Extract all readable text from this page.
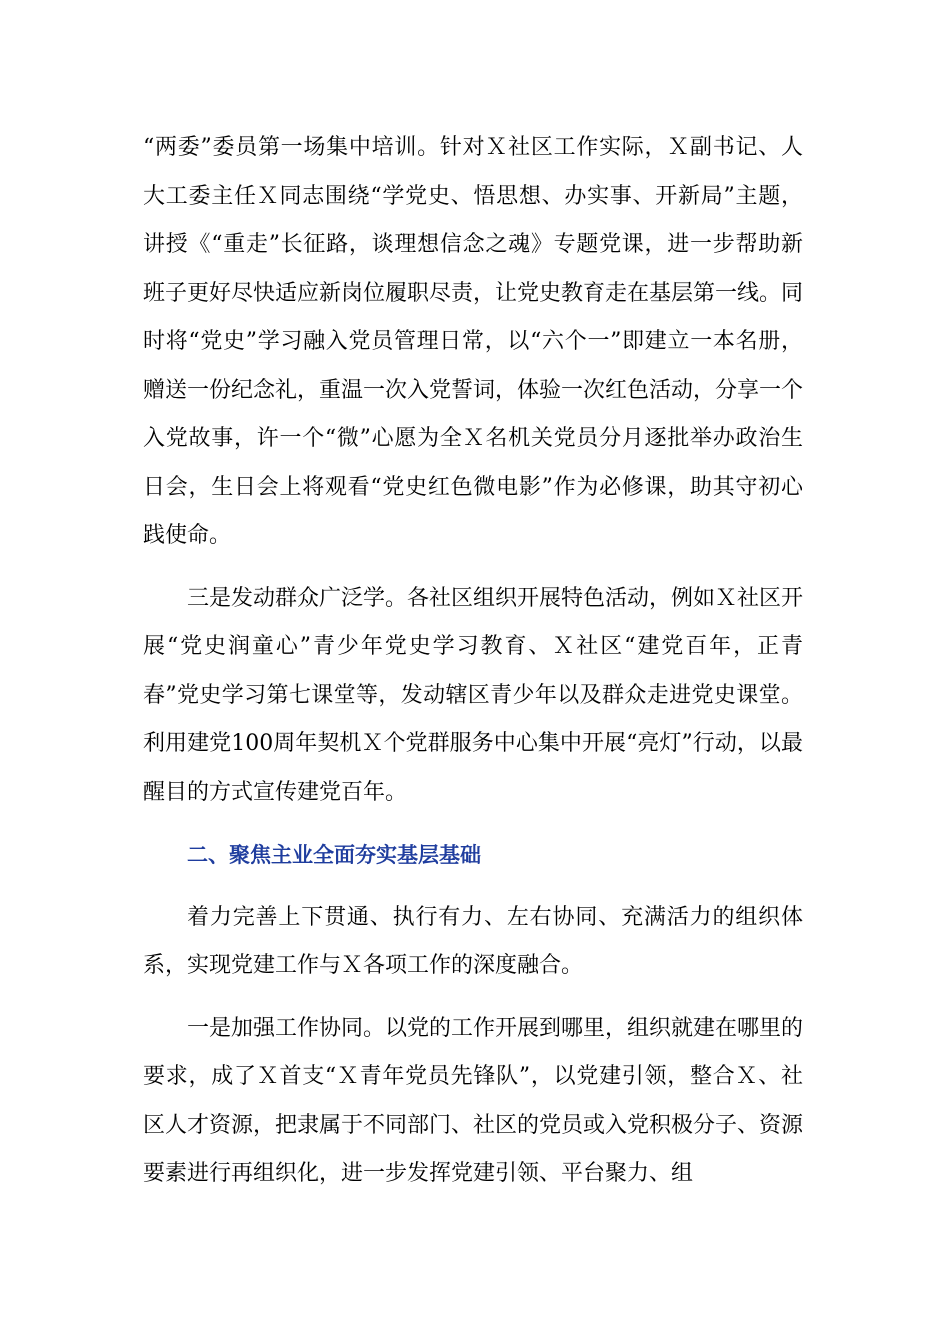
“两委”委员第一场集中培训。针对Ｘ社区工作实际，Ｘ副书记、人大工委主任Ｘ同志围绕“学党史、悟思想、办实事、开新局”主题，讲授《“重走”长征路，谈理想信念之魂》专题党课，进一步帮助新班子更好尽快适应新岗位履职尽责，让党史教育走在基层第一线。同时将“党史”学习融入党员管理日常，以“六个一”即建立一本名册，赠送一份纪念礼，重温一次入党誓词，体验一次红色活动，分享一个入党故事，许一个“微”心愿为全Ｘ名机关党员分月逐批举办政治生日会，生日会上将观看“党史红色微电影”作为必修课，助其守初心践使命。

三是发动群众广泛学。各社区组织开展特色活动，例如Ｘ社区开展“党史润童心”青少年党史学习教育、Ｘ社区“建党百年，正青春”党史学习第七课堂等，发动辖区青少年以及群众走进党史课堂。利用建党100周年契机Ｘ个党群服务中心集中开展“亮灯”行动，以最醒目的方式宣传建党百年。

二、聚焦主业全面夯实基层基础

着力完善上下贯通、执行有力、左右协同、充满活力的组织体系，实现党建工作与Ｘ各项工作的深度融合。

一是加强工作协同。以党的工作开展到哪里，组织就建在哪里的要求，成了Ｘ首支“Ｘ青年党员先锋队”，以党建引领，整合Ｘ、社区人才资源，把隶属于不同部门、社区的党员或入党积极分子、资源要素进行再组织化，进一步发挥党建引领、平台聚力、组
